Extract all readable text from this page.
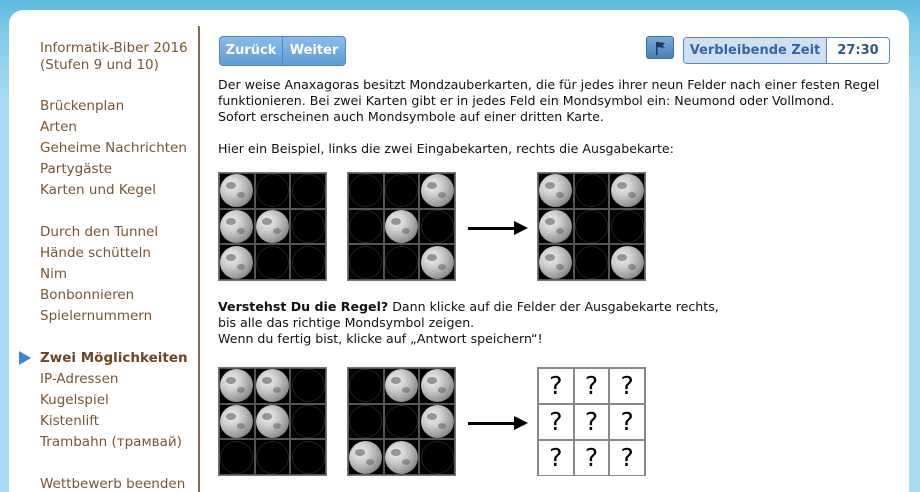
Informatik-Biber 2016 (Stufen 9 und 10)
Brückenplan
Arten
Geheime Nachrichten
Partygäste
Karten und Kegel
Durch den Tunnel
Hände schütteln
Nim
Bonbonnieren
Spielernummern
Zwei Möglichkeiten
IP-Adressen
Kugelspiel
Kistenlift
Trambahn (трамвай)
Wettbewerb beenden
Zurück	Weiter	Verbleibende Zeit	27:30
Der weise Anaxagoras besitzt Mondzauberkarten, die für jedes ihrer neun Felder nach einer festen Regel
funktionieren. Bei zwei Karten gibt er in jedes Feld ein Mondsymbol ein: Neumond oder Vollmond.
Sofort erscheinen auch Mondsymbole auf einer dritten Karte.
Hier ein Beispiel, links die zwei Eingabekarten, rechts die Ausgabekarte:
Verstehst Du die Regel? Dann klicke auf die Felder der Ausgabekarte rechts,
bis alle das richtige Mondsymbol zeigen.
Wenn du fertig bist, klicke auf „Antwort speichern“!
? ? ?
? ? ?
? ? ?
